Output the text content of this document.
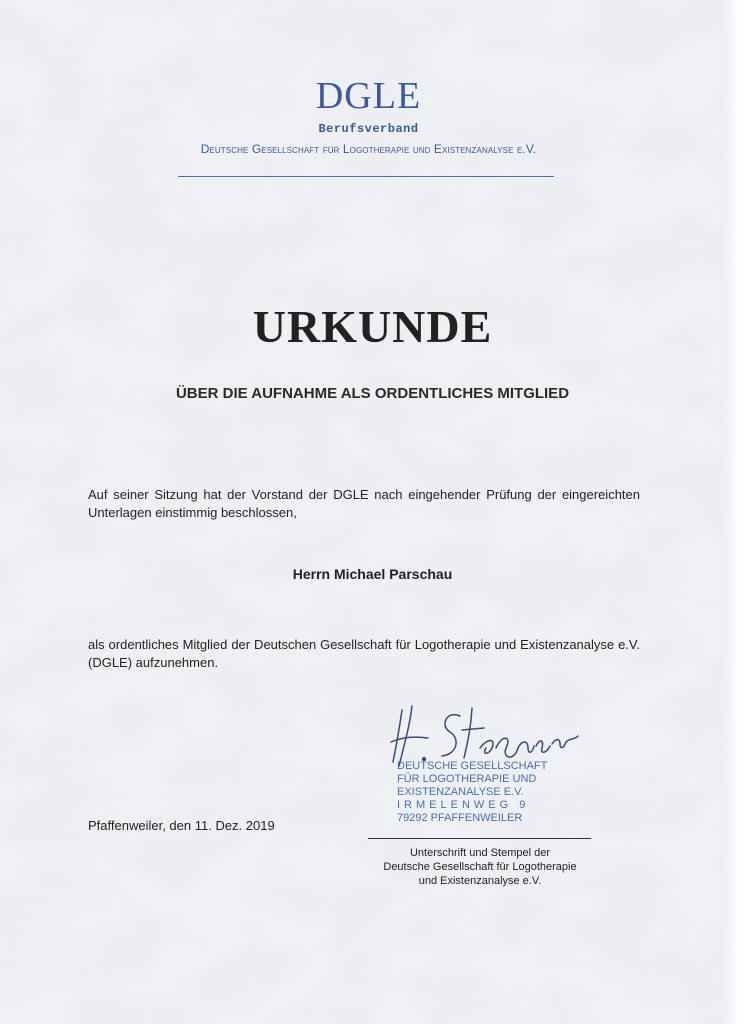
DGLE
Berufsverband
Deutsche Gesellschaft für Logotherapie und Existenzanalyse e.V.
URKUNDE
ÜBER DIE AUFNAHME ALS ORDENTLICHES MITGLIED
Auf seiner Sitzung hat der Vorstand der DGLE nach eingehender Prüfung der eingereichten Unterlagen einstimmig beschlossen,
Herrn Michael Parschau
als ordentliches Mitglied der Deutschen Gesellschaft für Logotherapie und Existenzanalyse e.V. (DGLE) aufzunehmen.
Pfaffenweiler, den 11. Dez. 2019
DEUTSCHE GESELLSCHAFT
FÜR LOGOTHERAPIE UND
EXISTENZANALYSE E.V.
IRMELENWEG 9
79292 PFAFFENWEILER
Unterschrift und Stempel der
Deutsche Gesellschaft für Logotherapie
und Existenzanalyse e.V.
